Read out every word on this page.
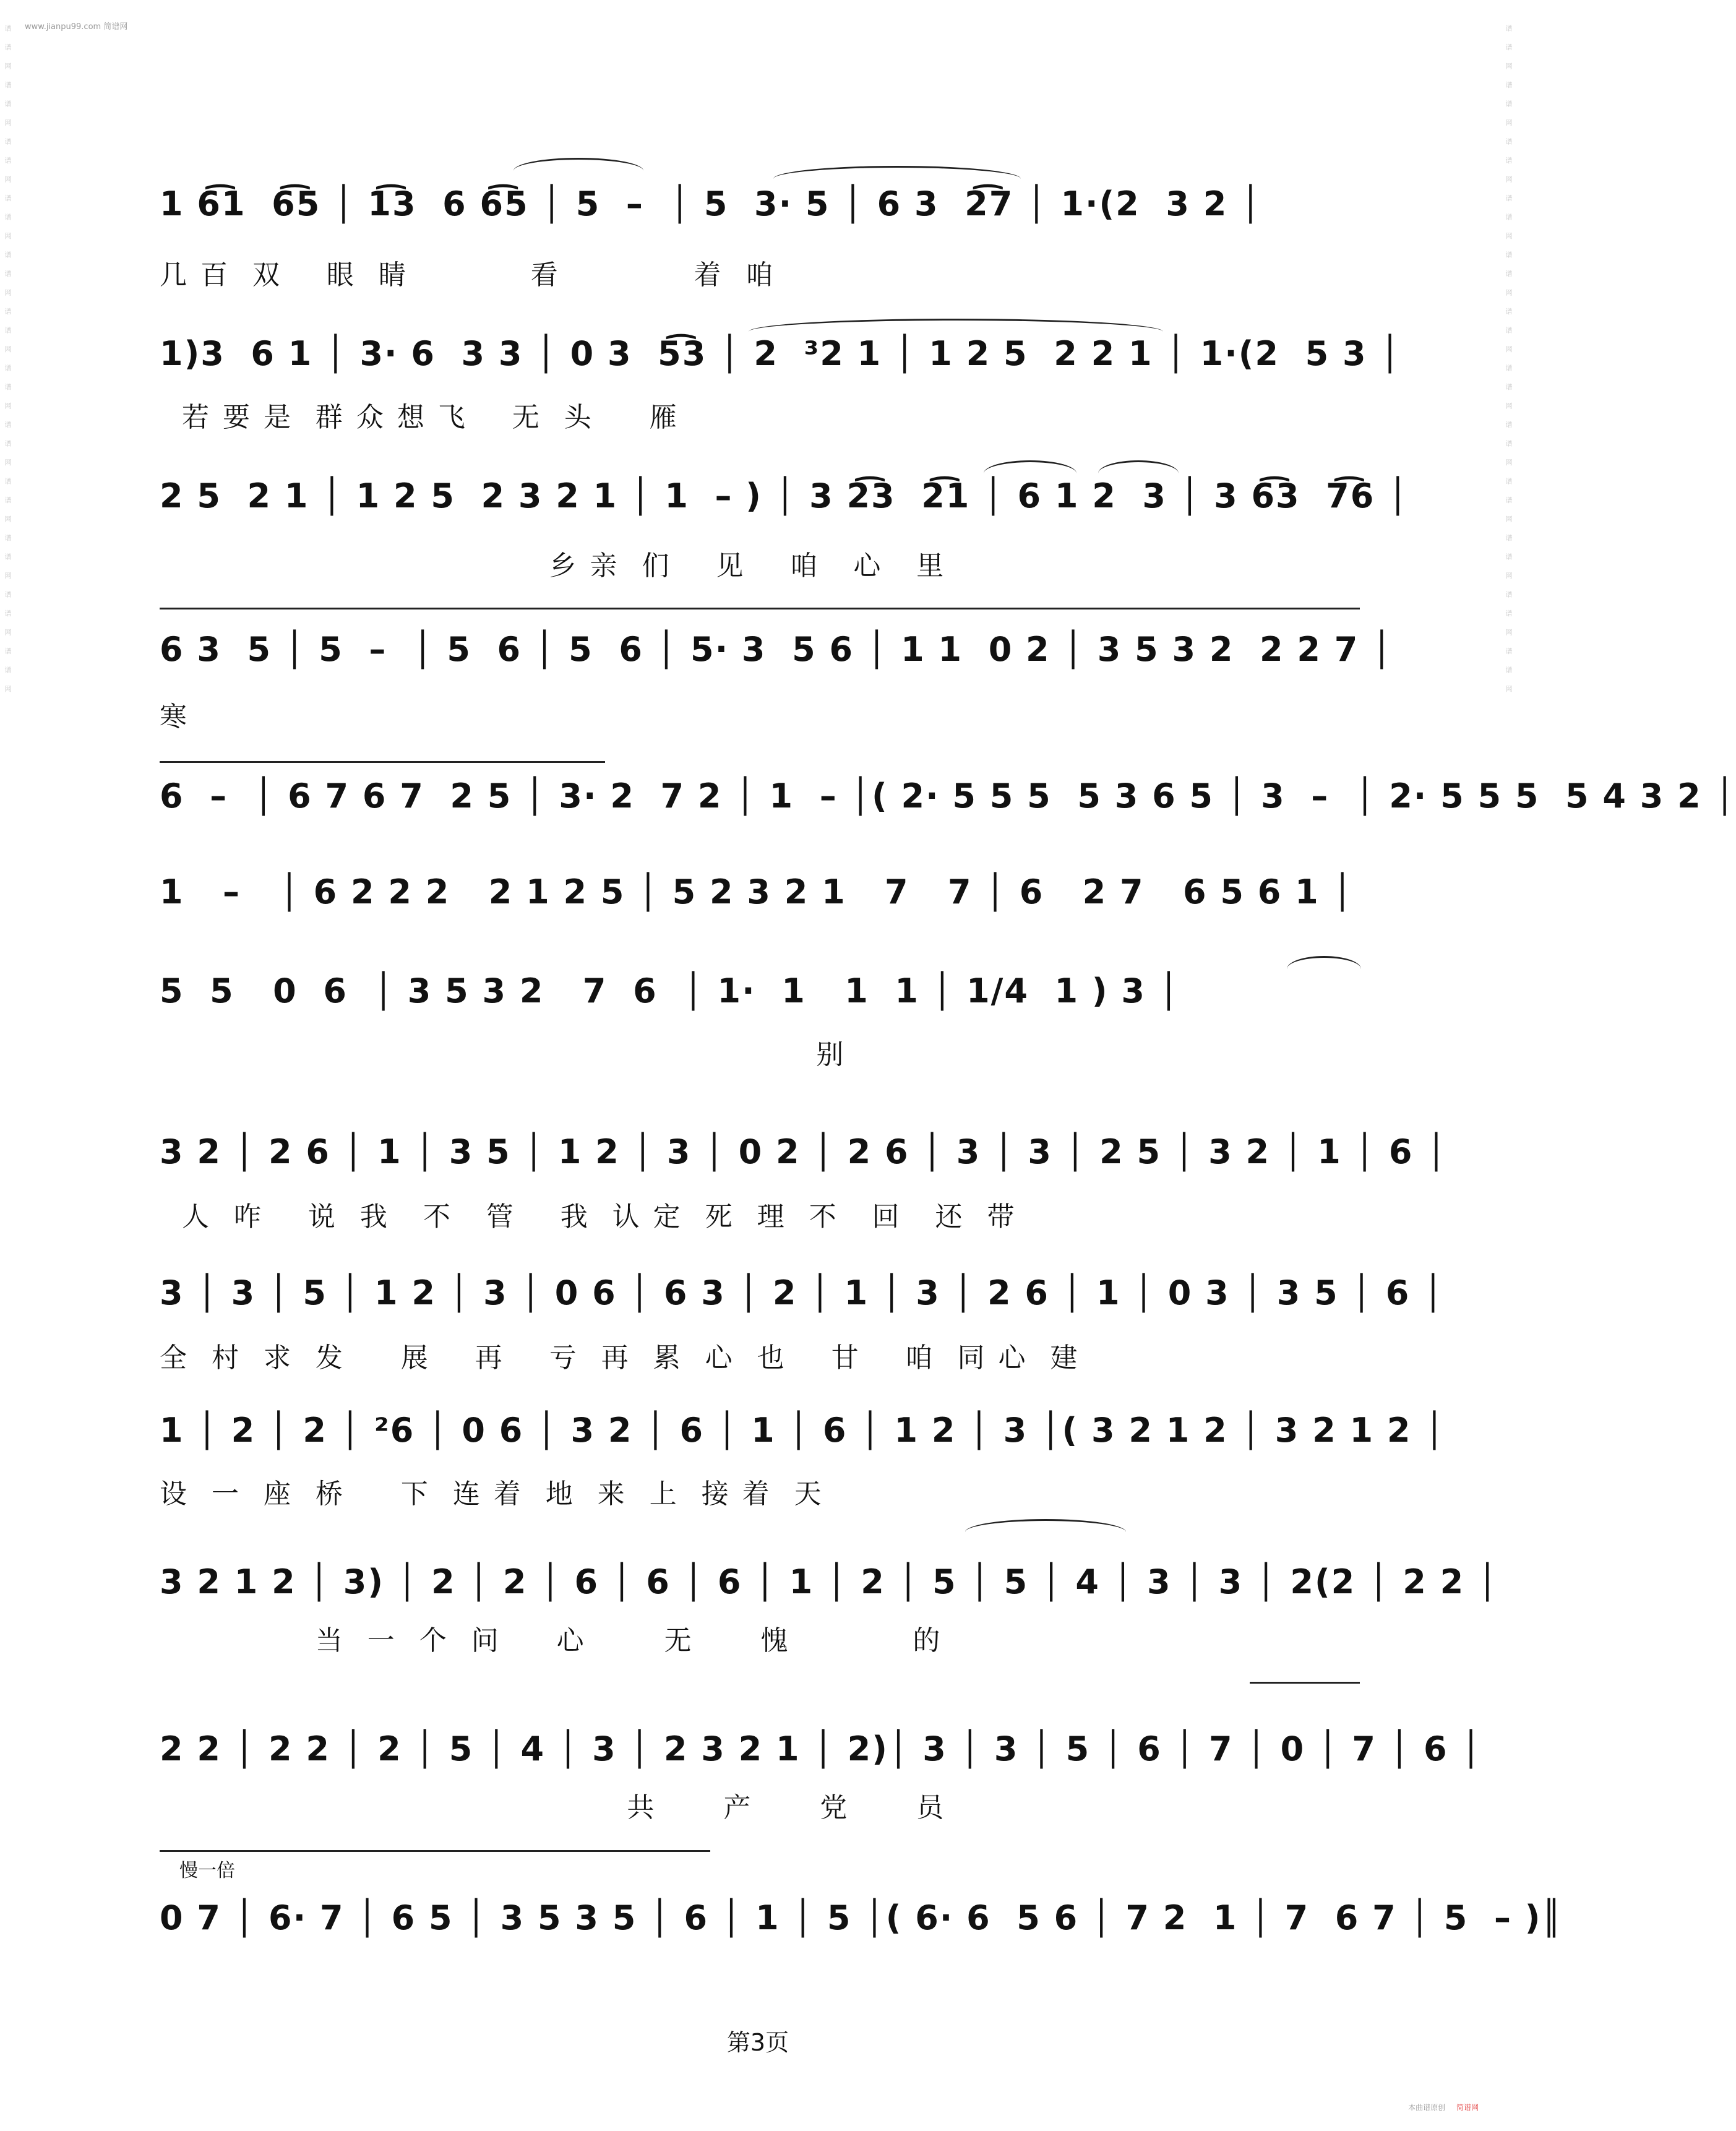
www.jianpu99.com 简谱网
谱 谱 网 谱 谱 网 谱 谱 网 谱 谱 网 谱 谱 网 谱 谱 网 谱 谱 网 谱 谱 网 谱 谱 网 谱 谱 网 谱 谱 网 谱 谱 网	谱 谱 网 谱 谱 网 谱 谱 网 谱 谱 网 谱 谱 网 谱 谱 网 谱 谱 网 谱 谱 网 谱 谱 网 谱 谱 网 谱 谱 网 谱 谱 网
1 6͡1  6͡5 │ 1͡3  6 6͡5 │ 5  –  │ 5  3· 5 │ 6 3  2͡7 │ 1·(2  3 2 │
几 百  双    眼  睛           看            着  咱
1)3  6 1 │ 3· 6  3 3 │ 0 3  5͡3 │ 2  ³2 1 │ 1 2 5  2 2 1 │ 1·(2  5 3 │
若 要 是  群 众 想 飞    无  头     雁
2 5  2 1 │ 1 2 5  2 3 2 1 │ 1  – ) │ 3 2͡3  2͡1 │ 6 1 2  3 │ 3 6͡3  7͡6 │
乡 亲  们    见    咱   心   里
6 3  5 │ 5  –  │ 5  6 │ 5  6 │ 5· 3  5 6 │ 1 1  0 2 │ 3 5 3 2  2 2 7 │
寒
6  –  │ 6 7 6 7  2 5 │ 3· 2  7 2 │ 1  – │( 2· 5 5 5  5 3 6 5 │ 3  –  │ 2· 5 5 5  5 4 3 2 │
1   –   │ 6 2 2 2   2 1 2 5 │ 5 2 3 2 1   7   7 │ 6   2 7   6 5 6 1 │
5  5   0  6  │ 3 5 3 2   7  6  │ 1·  1   1  1 │ 1/4  1 ) 3 │
别
3 2 │ 2 6 │ 1 │ 3 5 │ 1 2 │ 3 │ 0 2 │ 2 6 │ 3 │ 3 │ 2 5 │ 3 2 │ 1 │ 6 │
人  咋    说  我   不   管    我  认 定  死  理  不   回   还  带
3 │ 3 │ 5 │ 1 2 │ 3 │ 0 6 │ 6 3 │ 2 │ 1 │ 3 │ 2 6 │ 1 │ 0 3 │ 3 5 │ 6 │
全  村  求  发     展    再    亏  再  累  心  也    甘    咱  同 心  建
1 │ 2 │ 2 │ ²6 │ 0 6 │ 3 2 │ 6 │ 1 │ 6 │ 1 2 │ 3 │( 3 2 1 2 │ 3 2 1 2 │
设  一  座  桥     下  连 着  地  来  上  接 着  天
3 2 1 2 │ 3) │ 2 │ 2 │ 6 │ 6 │ 6 │ 1 │ 2 │ 5 │ 5 │ 4 │ 3 │ 3 │ 2(2 │ 2 2 │
当  一  个  问     心       无      愧           的
2 2 │ 2 2 │ 2 │ 5 │ 4 │ 3 │ 2 3 2 1 │ 2)│ 3 │ 3 │ 5 │ 6 │ 7 │ 0 │ 7 │ 6 │
共      产      党      员
慢一倍
0 7 │ 6· 7 │ 6 5 │ 3 5 3 5 │ 6 │ 1 │ 5 │( 6· 6  5 6 │ 7 2  1 │ 7  6 7 │ 5  – )║
第3页
本曲谱原创 简谱网
